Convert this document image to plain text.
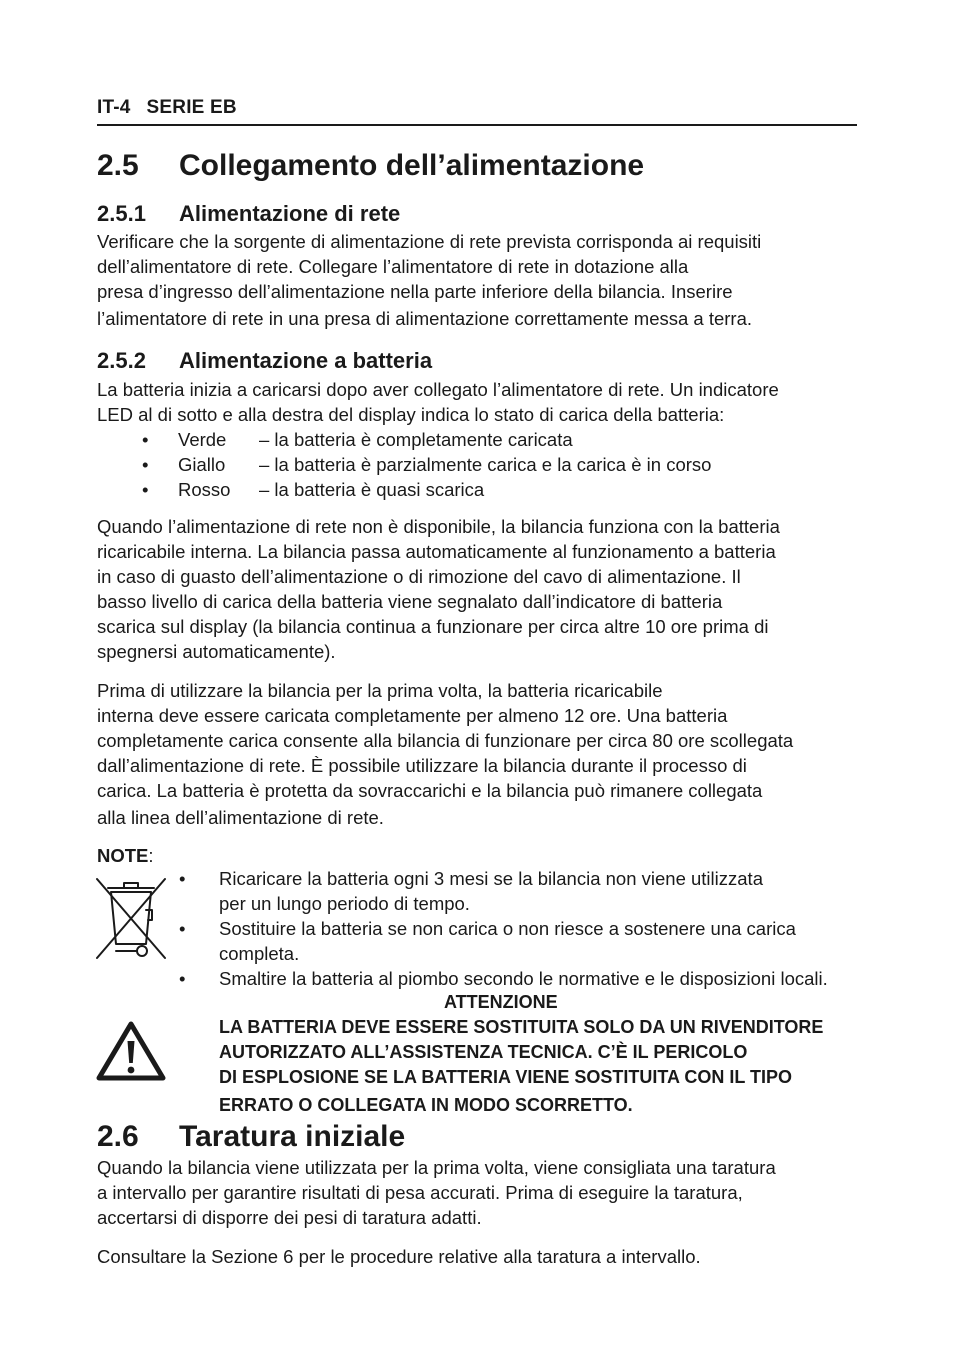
IT-4 SERIE EB
2.5 Collegamento dell’alimentazione
2.5.1 Alimentazione di rete
Verificare che la sorgente di alimentazione di rete prevista corrisponda ai requisiti
dell’alimentatore di rete. Collegare l’alimentatore di rete in dotazione alla
presa d’ingresso dell’alimentazione nella parte inferiore della bilancia. Inserire
l’alimentatore di rete in una presa di alimentazione correttamente messa a terra.
2.5.2 Alimentazione a batteria
La batteria inizia a caricarsi dopo aver collegato l’alimentatore di rete. Un indicatore
LED al di sotto e alla destra del display indica lo stato di carica della batteria:
• Verde – la batteria è completamente caricata
• Giallo – la batteria è parzialmente carica e la carica è in corso
• Rosso – la batteria è quasi scarica
Quando l’alimentazione di rete non è disponibile, la bilancia funziona con la batteria
ricaricabile interna. La bilancia passa automaticamente al funzionamento a batteria
in caso di guasto dell’alimentazione o di rimozione del cavo di alimentazione. Il
basso livello di carica della batteria viene segnalato dall’indicatore di batteria
scarica sul display (la bilancia continua a funzionare per circa altre 10 ore prima di
spegnersi automaticamente).
Prima di utilizzare la bilancia per la prima volta, la batteria ricaricabile
interna deve essere caricata completamente per almeno 12 ore. Una batteria
completamente carica consente alla bilancia di funzionare per circa 80 ore scollegata
dall’alimentazione di rete. È possibile utilizzare la bilancia durante il processo di
carica. La batteria è protetta da sovraccarichi e la bilancia può rimanere collegata
alla linea dell’alimentazione di rete.
NOTE:
• Ricaricare la batteria ogni 3 mesi se la bilancia non viene utilizzata
per un lungo periodo di tempo.
• Sostituire la batteria se non carica o non riesce a sostenere una carica
completa.
• Smaltire la batteria al piombo secondo le normative e le disposizioni locali.
ATTENZIONE
LA BATTERIA DEVE ESSERE SOSTITUITA SOLO DA UN RIVENDITORE
AUTORIZZATO ALL’ASSISTENZA TECNICA. C’È IL PERICOLO
DI ESPLOSIONE SE LA BATTERIA VIENE SOSTITUITA CON IL TIPO
ERRATO O COLLEGATA IN MODO SCORRETTO.
2.6 Taratura iniziale
Quando la bilancia viene utilizzata per la prima volta, viene consigliata una taratura
a intervallo per garantire risultati di pesa accurati. Prima di eseguire la taratura,
accertarsi di disporre dei pesi di taratura adatti.
Consultare la Sezione 6 per le procedure relative alla taratura a intervallo.
